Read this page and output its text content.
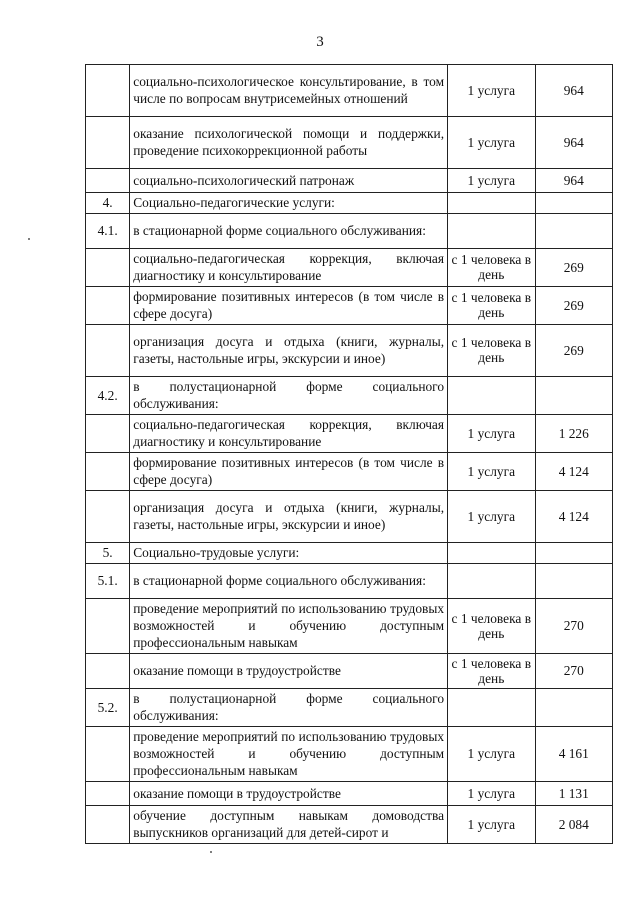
3
	социально-психологическое консультирование, в том числе по вопросам внутрисемейных отношений	1 услуга	964
	оказание психологической помощи и поддержки, проведение психокоррекционной работы	1 услуга	964
	социально-психологический патронаж	1 услуга	964
4.	Социально-педагогические услуги:		
4.1.	в стационарной форме социального обслуживания:		
	социально-педагогическая коррекция, включая диагностику и консультирование	с 1 человека в день	269
	формирование позитивных интересов (в том числе в сфере досуга)	с 1 человека в день	269
	организация досуга и отдыха (книги, журналы, газеты, настольные игры, экскурсии и иное)	с 1 человека в день	269
4.2.	в полустационарной форме социального обслуживания:		
	социально-педагогическая коррекция, включая диагностику и консультирование	1 услуга	1 226
	формирование позитивных интересов (в том числе в сфере досуга)	1 услуга	4 124
	организация досуга и отдыха (книги, журналы, газеты, настольные игры, экскурсии и иное)	1 услуга	4 124
5.	Социально-трудовые услуги:		
5.1.	в стационарной форме социального обслуживания:		
	проведение мероприятий по использованию трудовых возможностей и обучению доступным профессиональным навыкам	с 1 человека в день	270
	оказание помощи в трудоустройстве	с 1 человека в день	270
5.2.	в полустационарной форме социального обслуживания:		
	проведение мероприятий по использованию трудовых возможностей и обучению доступным профессиональным навыкам	1 услуга	4 161
	оказание помощи в трудоустройстве	1 услуга	1 131
	обучение доступным навыкам домоводства выпускников организаций для детей-сирот и	1 услуга	2 084
